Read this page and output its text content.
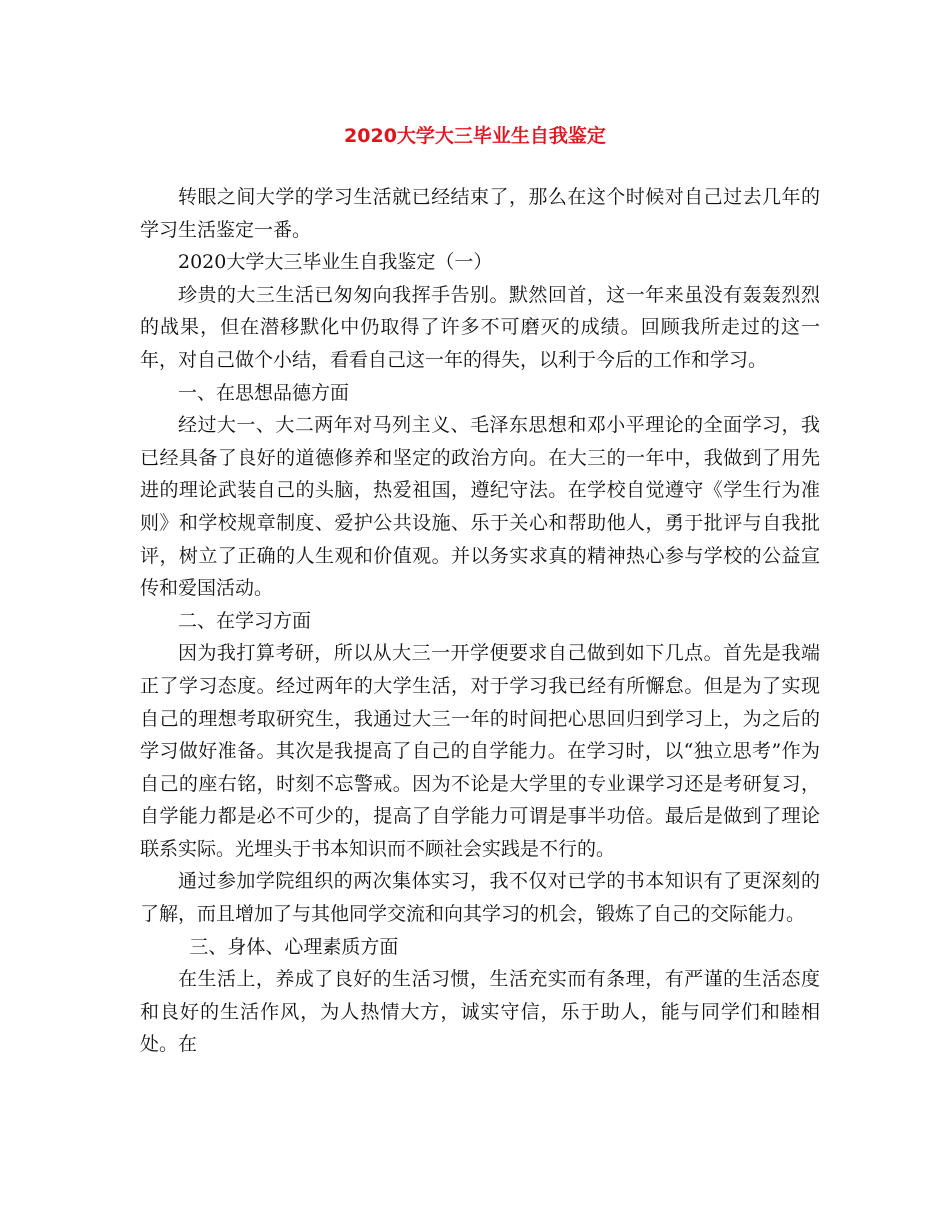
2020大学大三毕业生自我鉴定

转眼之间大学的学习生活就已经结束了，那么在这个时候对自己过去几年的学习生活鉴定一番。

2020大学大三毕业生自我鉴定（一）

珍贵的大三生活已匆匆向我挥手告别。默然回首，这一年来虽没有轰轰烈烈的战果，但在潜移默化中仍取得了许多不可磨灭的成绩。回顾我所走过的这一年，对自己做个小结，看看自己这一年的得失，以利于今后的工作和学习。

一、在思想品德方面

经过大一、大二两年对马列主义、毛泽东思想和邓小平理论的全面学习，我已经具备了良好的道德修养和坚定的政治方向。在大三的一年中，我做到了用先进的理论武装自己的头脑，热爱祖国，遵纪守法。在学校自觉遵守《学生行为准则》和学校规章制度、爱护公共设施、乐于关心和帮助他人，勇于批评与自我批评，树立了正确的人生观和价值观。并以务实求真的精神热心参与学校的公益宣传和爱国活动。

二、在学习方面

因为我打算考研，所以从大三一开学便要求自己做到如下几点。首先是我端正了学习态度。经过两年的大学生活，对于学习我已经有所懈怠。但是为了实现自己的理想考取研究生，我通过大三一年的时间把心思回归到学习上，为之后的学习做好准备。其次是我提高了自己的自学能力。在学习时，以“独立思考”作为自己的座右铭，时刻不忘警戒。因为不论是大学里的专业课学习还是考研复习，自学能力都是必不可少的，提高了自学能力可谓是事半功倍。最后是做到了理论联系实际。光埋头于书本知识而不顾社会实践是不行的。

通过参加学院组织的两次集体实习，我不仅对已学的书本知识有了更深刻的了解，而且增加了与其他同学交流和向其学习的机会，锻炼了自己的交际能力。

三、身体、心理素质方面

在生活上，养成了良好的生活习惯，生活充实而有条理，有严谨的生活态度和良好的生活作风，为人热情大方，诚实守信，乐于助人，能与同学们和睦相处。在
